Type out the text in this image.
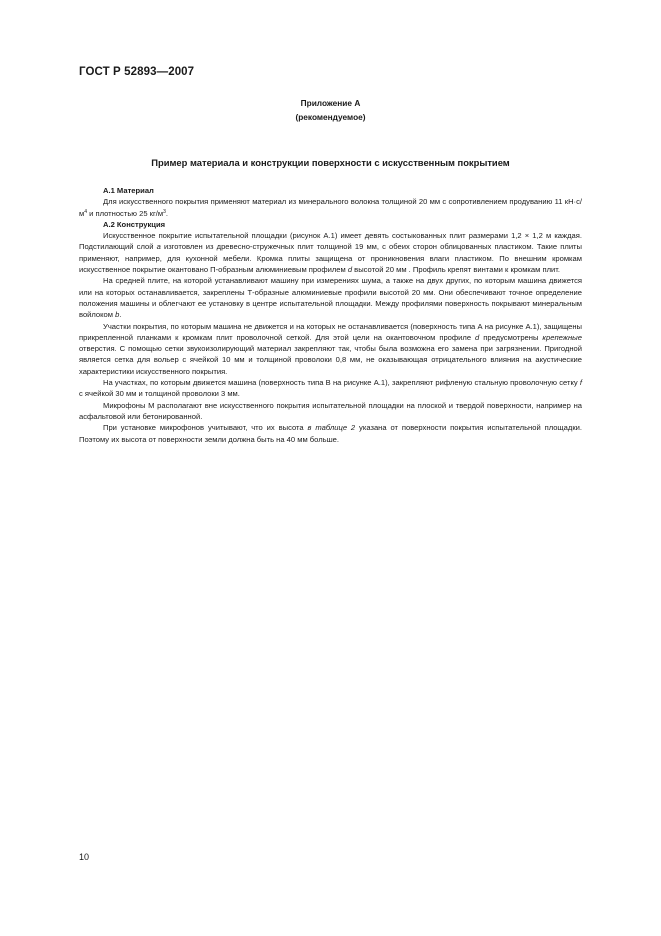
ГОСТ Р 52893—2007
Приложение А
(рекомендуемое)
Пример материала и конструкции поверхности с искусственным покрытием

А.1 Материал

Для искусственного покрытия применяют материал из минерального волокна толщиной 20 мм с сопротивлением продуванию 11 $кН\cdot с/м^4$ и плотностью 25 $кг/м^3$.

А.2 Конструкция

Искусственное покрытие испытательной площадки (рисунок А.1) имеет девять состыкованных плит размерами 1,2 × 1,2 м каждая. Подстилающий слой a изготовлен из древесно-стружечных плит толщиной 19 мм, с обеих сторон облицованных пластиком. Такие плиты применяют, например, для кухонной мебели. Кромка плиты защищена от проникновения влаги пластиком. По внешним кромкам искусственное покрытие окантовано П-образным алюминиевым профилем d высотой 20 мм . Профиль крепят винтами к кромкам плит.

На средней плите, на которой устанавливают машину при измерениях шума, а также на двух других, по которым машина движется или на которых останавливается, закреплены Т-образные алюминиевые профили высотой 20 мм. Они обеспечивают точное определение положения машины и облегчают ее установку в центре испытательной площадки. Между профилями поверхность покрывают минеральным войлоком b.

Участки покрытия, по которым машина не движется и на которых не останавливается (поверхность типа А на рисунке А.1), защищены прикрепленной планками к кромкам плит проволочной сеткой. Для этой цели на окантовочном профиле d предусмотрены крепежные отверстия. С помощью сетки звукоизолирующий материал закрепляют так, чтобы была возможна его замена при загрязнении. Пригодной является сетка для вольер с ячейкой 10 мм и толщиной проволоки 0,8 мм, не оказывающая отрицательного влияния на акустические характеристики искусственного покрытия.

На участках, по которым движется машина (поверхность типа В на рисунке А.1), закрепляют рифленую стальную проволочную сетку f с ячейкой 30 мм и толщиной проволоки 3 мм.

Микрофоны М располагают вне искусственного покрытия испытательной площадки на плоской и твердой поверхности, например на асфальтовой или бетонированной.

При установке микрофонов учитывают, что их высота в таблице 2 указана от поверхности покрытия испытательной площадки. Поэтому их высота от поверхности земли должна быть на 40 мм больше.

10
